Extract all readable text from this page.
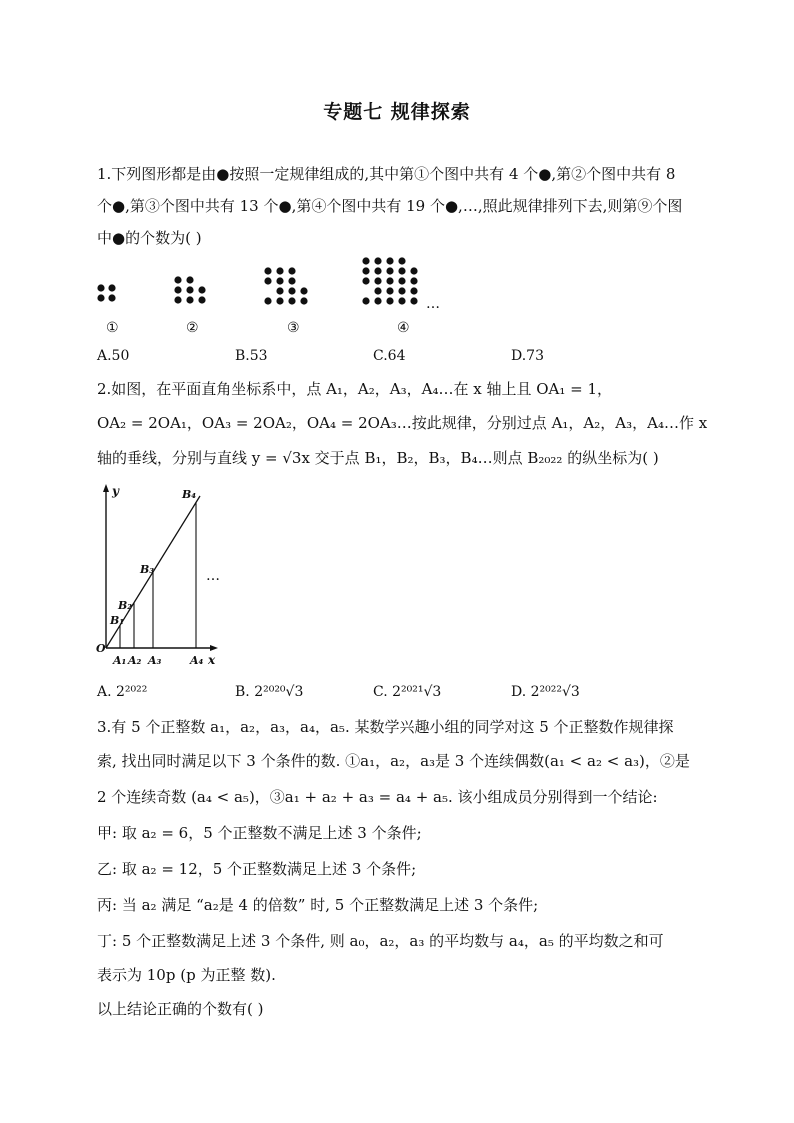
专题七 规律探索
1.下列图形都是由●按照一定规律组成的,其中第①个图中共有 4 个●,第②个图中共有 8
个●,第③个图中共有 13 个●,第④个图中共有 19 个●,…,照此规律排列下去,则第⑨个图
中●的个数为( )
…
①	②	③	④
A.50	B.53	C.64	D.73
2.如图，在平面直角坐标系中，点 A₁，A₂，A₃，A₄…在 x 轴上且 OA₁ = 1，
OA₂ = 2OA₁，OA₃ = 2OA₂，OA₄ = 2OA₃…按此规律，分别过点 A₁，A₂，A₃，A₄…作 x
轴的垂线，分别与直线 y = √3x 交于点 B₁，B₂，B₃，B₄…则点 B₂₀₂₂ 的纵坐标为( )
y
x
O
B₁
B₂
B₃
B₄
A₁ A₂ A₃	A₄
…
A. 2²⁰²²	B. 2²⁰²⁰√3	C. 2²⁰²¹√3	D. 2²⁰²²√3
3.有 5 个正整数 a₁，a₂，a₃，a₄，a₅. 某数学兴趣小组的同学对这 5 个正整数作规律探
索, 找出同时满足以下 3 个条件的数. ①a₁，a₂，a₃是 3 个连续偶数(a₁ < a₂ < a₃)，②是
2 个连续奇数 (a₄ < a₅)，③a₁ + a₂ + a₃ = a₄ + a₅. 该小组成员分别得到一个结论:
甲: 取 a₂ = 6，5 个正整数不满足上述 3 个条件;
乙: 取 a₂ = 12，5 个正整数满足上述 3 个条件;
丙: 当 a₂ 满足 “a₂是 4 的倍数” 时, 5 个正整数满足上述 3 个条件;
丁: 5 个正整数满足上述 3 个条件, 则 a₀，a₂，a₃ 的平均数与 a₄，a₅ 的平均数之和可
表示为 10p (p 为正整 数).
以上结论正确的个数有( )
